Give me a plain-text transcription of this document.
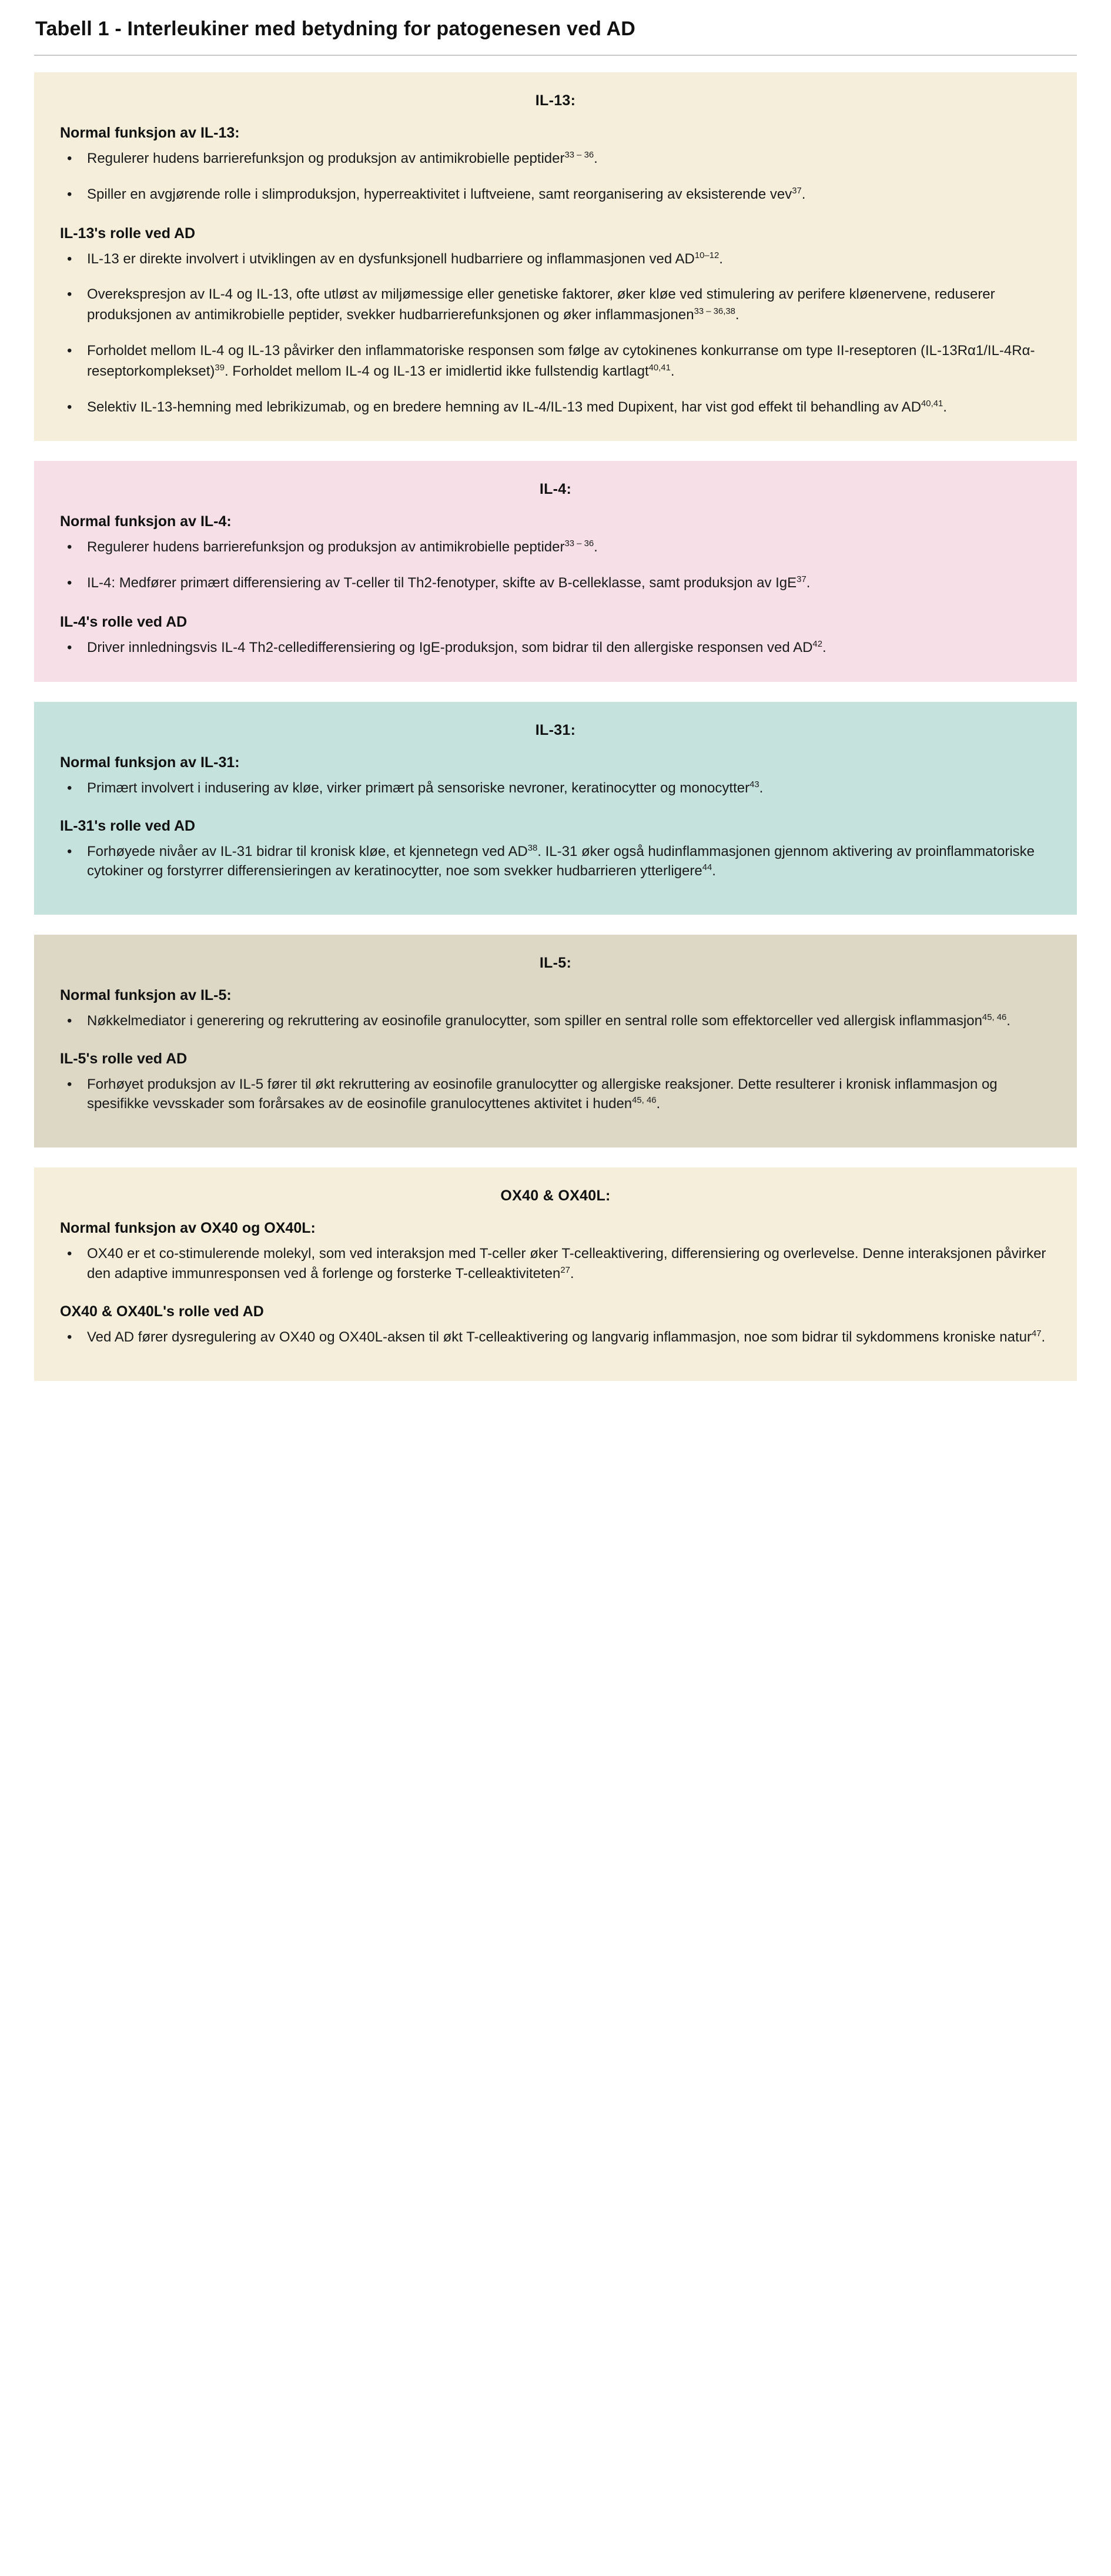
Tabell 1 - Interleukiner med betydning for patogenesen ved AD
IL-13:
Normal funksjon av IL-13:
• Regulerer hudens barrierefunksjon og produksjon av antimikrobielle peptider$^{33 - 36}$.
• Spiller en avgjørende rolle i slimproduksjon, hyperreaktivitet i luftveiene, samt reorganisering av eksisterende vev$^{37}$.
IL-13's rolle ved AD
• IL-13 er direkte involvert i utviklingen av en dysfunksjonell hudbarriere og inflammasjonen ved AD$^{10-12}$.
• Overekspresjon av IL-4 og IL-13, ofte utløst av miljømessige eller genetiske faktorer, øker kløe ved stimulering av perifere kløenervene, reduserer produksjonen av antimikrobielle peptider, svekker hudbarrierefunksjonen og øker inflammasjonen$^{33 - 36,38}$.
• Forholdet mellom IL-4 og IL-13 påvirker den inflammatoriske responsen som følge av cytokinenes konkurranse om type II-reseptoren (IL-13Rα1/IL-4Rα-reseptorkomplekset)$^{39}$. Forholdet mellom IL-4 og IL-13 er imidlertid ikke fullstendig kartlagt$^{40,41}$.
• Selektiv IL-13-hemning med lebrikizumab, og en bredere hemning av IL-4/IL-13 med Dupixent, har vist god effekt til behandling av AD$^{40,41}$.
IL-4:
Normal funksjon av IL-4:
• Regulerer hudens barrierefunksjon og produksjon av antimikrobielle peptider$^{33 - 36}$.
• IL-4: Medfører primært differensiering av T-celler til Th2-fenotyper, skifte av B-celleklasse, samt produksjon av IgE$^{37}$.
IL-4's rolle ved AD
• Driver innledningsvis IL-4 Th2-celledifferensiering og IgE-produksjon, som bidrar til den allergiske responsen ved AD$^{42}$.
IL-31:
Normal funksjon av IL-31:
• Primært involvert i indusering av kløe, virker primært på sensoriske nevroner, keratinocytter og monocytter$^{43}$.
IL-31's rolle ved AD
• Forhøyede nivåer av IL-31 bidrar til kronisk kløe, et kjennetegn ved AD$^{38}$. IL-31 øker også hudinflammasjonen gjennom aktivering av proinflammatoriske cytokiner og forstyrrer differensieringen av keratinocytter, noe som svekker hudbarrieren ytterligere$^{44}$.
IL-5:
Normal funksjon av IL-5:
• Nøkkelmediator i generering og rekruttering av eosinofile granulocytter, som spiller en sentral rolle som effektorceller ved allergisk inflammasjon$^{45, 46}$.
IL-5's rolle ved AD
• Forhøyet produksjon av IL-5 fører til økt rekruttering av eosinofile granulocytter og allergiske reaksjoner. Dette resulterer i kronisk inflammasjon og spesifikke vevsskader som forårsakes av de eosinofile granulocyttenes aktivitet i huden$^{45, 46}$.
OX40 & OX40L:
Normal funksjon av OX40 og OX40L:
• OX40 er et co-stimulerende molekyl, som ved interaksjon med T-celler øker T-celleaktivering, differensiering og overlevelse. Denne interaksjonen påvirker den adaptive immunresponsen ved å forlenge og forsterke T-celleaktiviteten$^{27}$.
OX40 & OX40L's rolle ved AD
• Ved AD fører dysregulering av OX40 og OX40L-aksen til økt T-celleaktivering og langvarig inflammasjon, noe som bidrar til sykdommens kroniske natur$^{47}$.
